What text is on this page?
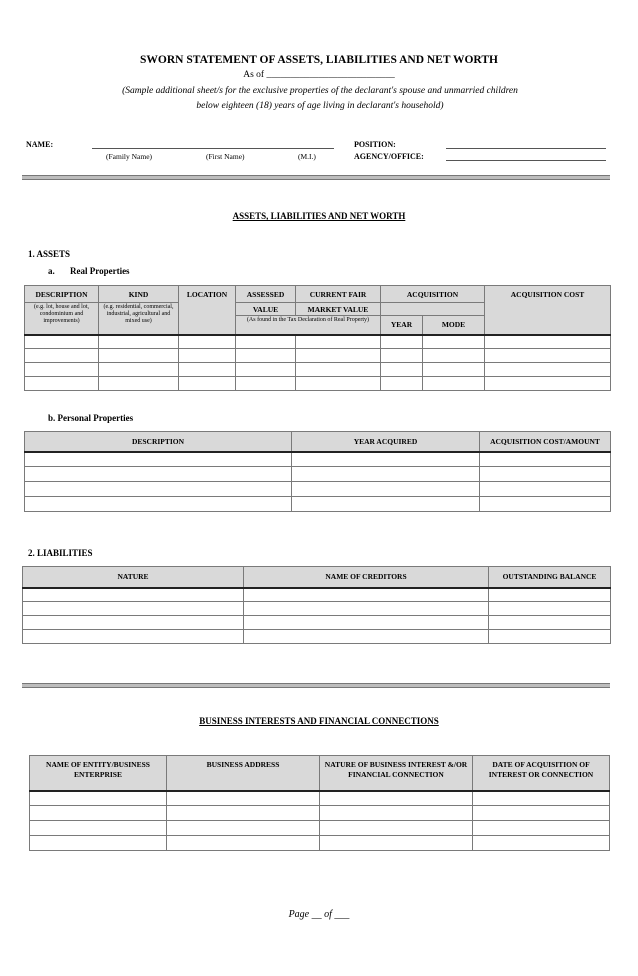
SWORN STATEMENT OF ASSETS, LIABILITIES AND NET WORTH
As of ___________________________
(Sample additional sheet/s for the exclusive properties of the declarant's spouse and unmarried children
below eighteen (18) years of age living in declarant's household)
NAME:
(Family Name)	(First Name)	(M.I.)
POSITION:
AGENCY/OFFICE:
ASSETS, LIABILITIES AND NET WORTH
1. ASSETS
a. Real Properties
DESCRIPTION	KIND	LOCATION	ASSESSED	CURRENT FAIR	ACQUISITION		ACQUISITION COST
(e.g. lot, house and lot, condominium and improvements)	(e.g. residential, commercial, industrial, agricultural and mixed use)		VALUE	MARKET VALUE			
			(As found in the Tax Declaration of Real Property)		YEAR	MODE	

b. Personal Properties
DESCRIPTION	YEAR ACQUIRED	ACQUISITION COST/AMOUNT

2. LIABILITIES
NATURE	NAME OF CREDITORS	OUTSTANDING BALANCE

BUSINESS INTERESTS AND FINANCIAL CONNECTIONS
NAME OF ENTITY/BUSINESS ENTERPRISE	BUSINESS ADDRESS	NATURE OF BUSINESS INTEREST &/OR FINANCIAL CONNECTION	DATE OF ACQUISITION OF INTEREST OR CONNECTION

Page __ of ___
